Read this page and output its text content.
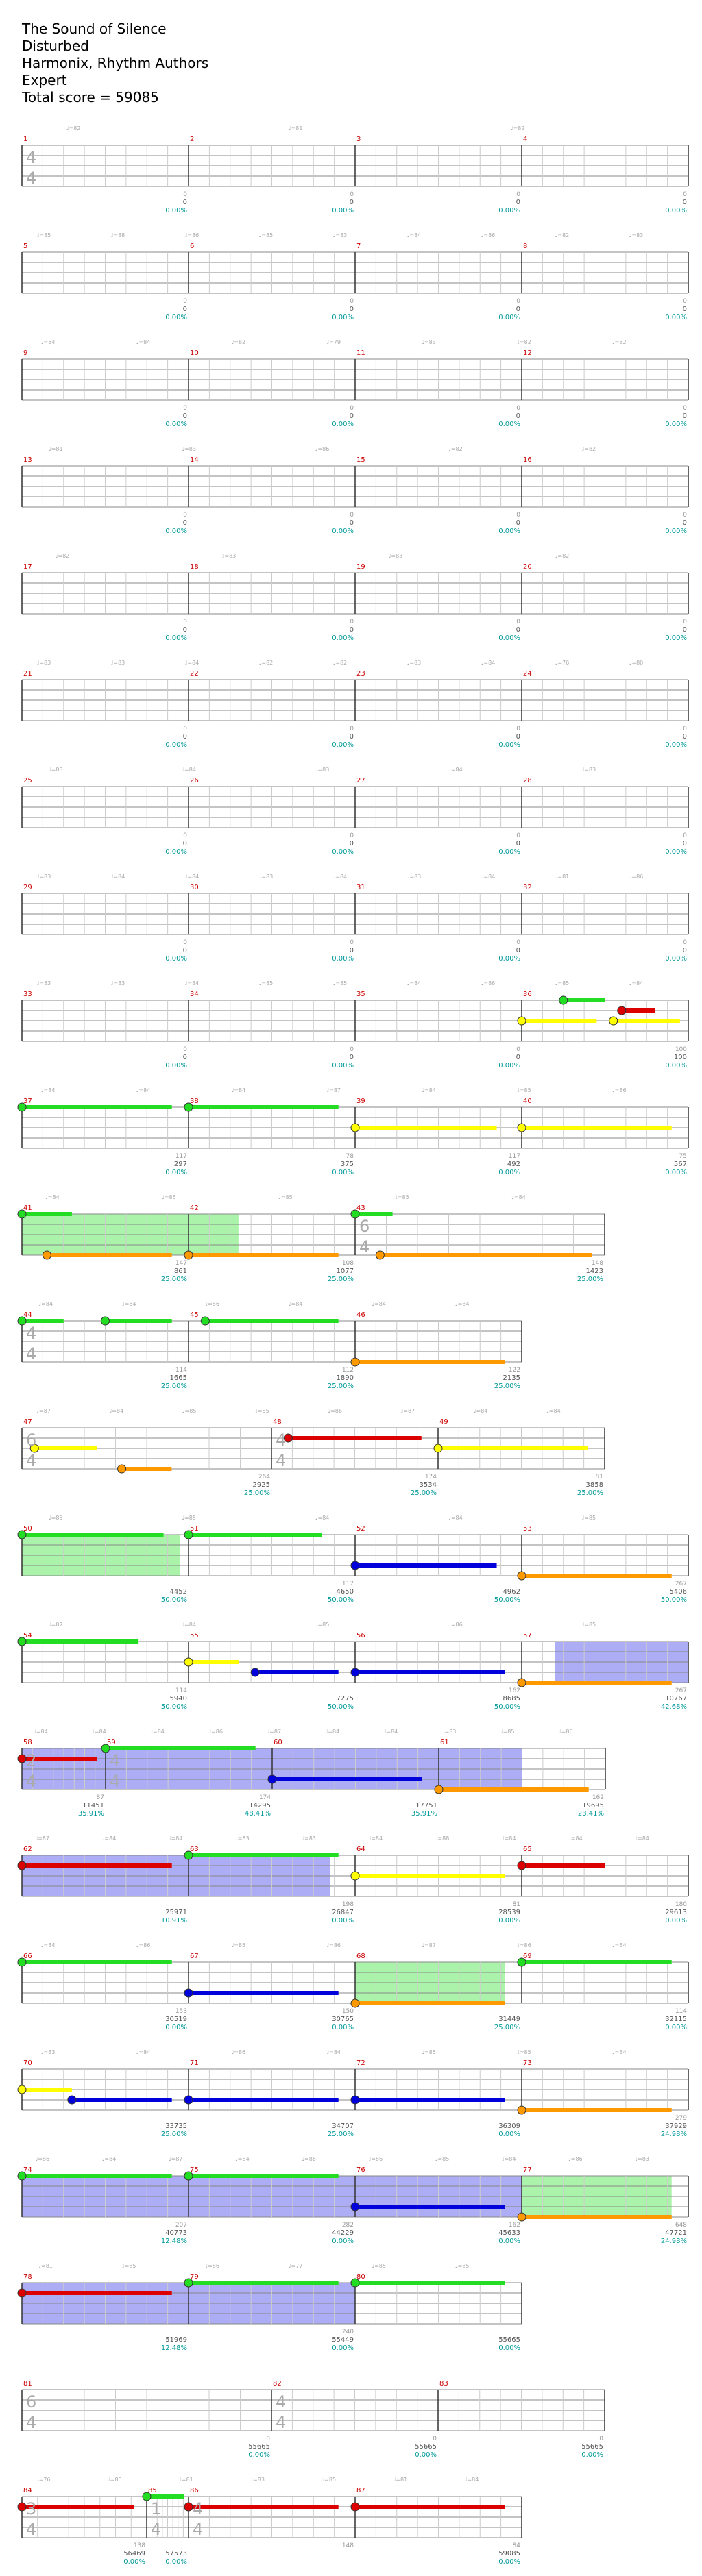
The Sound of Silence
Disturbed
Harmonix, Rhythm Authors
Expert
Total score = 59085
♩=82	♩=81	♩=82
1
4
4
0
0
0.00%
2
0
0
0.00%
3
0
0
0.00%
4
0
0
0.00%
♩=85	♩=88	♩=86	♩=85	♩=83	♩=84	♩=86	♩=82	♩=83
5
0
0
0.00%
6
0
0
0.00%
7
0
0
0.00%
8
0
0
0.00%
♩=84	♩=84	♩=82	♩=79	♩=83	♩=82	♩=82
9
0
0
0.00%
10
0
0
0.00%
11
0
0
0.00%
12
0
0
0.00%
♩=81	♩=83	♩=86	♩=82	♩=82
13
0
0
0.00%
14
0
0
0.00%
15
0
0
0.00%
16
0
0
0.00%
♩=82	♩=83	♩=83	♩=82
17
0
0
0.00%
18
0
0
0.00%
19
0
0
0.00%
20
0
0
0.00%
♩=83	♩=83	♩=84	♩=82	♩=82	♩=83	♩=84	♩=76	♩=80
21
0
0
0.00%
22
0
0
0.00%
23
0
0
0.00%
24
0
0
0.00%
♩=83	♩=84	♩=83	♩=84	♩=83
25
0
0
0.00%
26
0
0
0.00%
27
0
0
0.00%
28
0
0
0.00%
♩=83	♩=84	♩=84	♩=83	♩=84	♩=83	♩=84	♩=81	♩=86
29
0
0
0.00%
30
0
0
0.00%
31
0
0
0.00%
32
0
0
0.00%
♩=83	♩=83	♩=84	♩=85	♩=85	♩=84	♩=86	♩=85	♩=84
33
0
0
0.00%
34
0
0
0.00%
35
0
0
0.00%
36
100
100
0.00%
♩=84	♩=84	♩=84	♩=87	♩=84	♩=85	♩=86
37
117
297
0.00%
38
78
375
0.00%
39
117
492
0.00%
40
75
567
0.00%
♩=84	♩=85	♩=85	♩=85	♩=84
41
147
861
25.00%
42
108
1077
25.00%
43
6
4
148
1423
25.00%
♩=84	♩=84	♩=86	♩=84	♩=84	♩=84
44
4
4
114
1665
25.00%
45
112
1890
25.00%
46
122
2135
25.00%
♩=87	♩=84	♩=85	♩=85	♩=86	♩=87	♩=84	♩=84
47
6
4
264
2925
25.00%
48
4
4
174
3534
25.00%
49
81
3858
25.00%
♩=85	♩=85	♩=84	♩=84	♩=85
50
4452
50.00%
51
117
4650
50.00%
52
4962
50.00%
53
267
5406
50.00%
♩=87	♩=84	♩=85	♩=86	♩=85
54
114
5940
50.00%
55
7275
50.00%
56
162
8685
50.00%
57
267
10767
42.68%
♩=84	♩=84	♩=84	♩=86	♩=87	♩=84	♩=84	♩=83	♩=85	♩=86
58
2
4
87
11451
35.91%
59
4
4
174
14295
48.41%
60
17751
35.91%
61
162
19695
23.41%
♩=87	♩=84	♩=84	♩=83	♩=83	♩=84	♩=88	♩=84	♩=84	♩=84
62
25971
10.91%
63
198
26847
0.00%
64
81
28539
0.00%
65
180
29613
0.00%
♩=84	♩=86	♩=85	♩=86	♩=87	♩=86	♩=84
66
153
30519
0.00%
67
150
30765
0.00%
68
31449
25.00%
69
114
32115
0.00%
♩=83	♩=84	♩=86	♩=84	♩=85	♩=85	♩=84
70
33735
25.00%
71
34707
25.00%
72
36309
0.00%
73
279
37929
24.98%
♩=86	♩=84	♩=87	♩=84	♩=86	♩=86	♩=85	♩=84	♩=86	♩=83
74
207
40773
12.48%
75
282
44229
0.00%
76
162
45633
0.00%
77
648
47721
24.98%
♩=81	♩=85	♩=86	♩=77	♩=85	♩=85
78
51969
12.48%
79
240
55449
0.00%
80
55665
0.00%
81
6
4
0
55665
0.00%
82
4
4
0
55665
0.00%
83
0
55665
0.00%
♩=76	♩=80	♩=81	♩=83	♩=85	♩=81	♩=84
84
3
4
138
56469
0.00%
85
1
4
57573
0.00%
86
4
4
148
87
84
59085
0.00%
